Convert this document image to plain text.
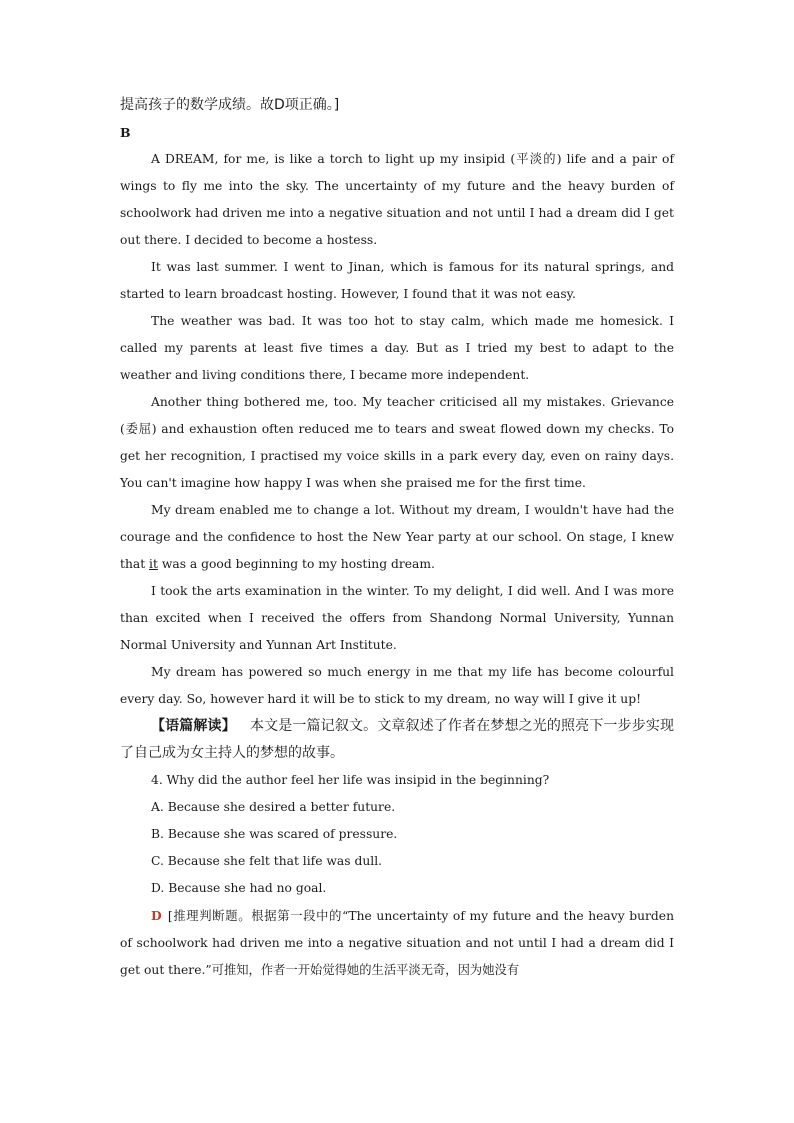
提高孩子的数学成绩。故D项正确。]

B

A DREAM, for me, is like a torch to light up my insipid (平淡的) life and a pair of wings to fly me into the sky. The uncertainty of my future and the heavy burden of schoolwork had driven me into a negative situation and not until I had a dream did I get out there. I decided to become a hostess.

It was last summer. I went to Jinan, which is famous for its natural springs, and started to learn broadcast hosting. However, I found that it was not easy.

The weather was bad. It was too hot to stay calm, which made me homesick. I called my parents at least five times a day. But as I tried my best to adapt to the weather and living conditions there, I became more independent.

Another thing bothered me, too. My teacher criticised all my mistakes. Grievance (委屈) and exhaustion often reduced me to tears and sweat flowed down my checks. To get her recognition, I practised my voice skills in a park every day, even on rainy days. You can't imagine how happy I was when she praised me for the first time.

My dream enabled me to change a lot. Without my dream, I wouldn't have had the courage and the confidence to host the New Year party at our school. On stage, I knew that it was a good beginning to my hosting dream.

I took the arts examination in the winter. To my delight, I did well. And I was more than excited when I received the offers from Shandong Normal University, Yunnan Normal University and Yunnan Art Institute.

My dream has powered so much energy in me that my life has become colourful every day. So, however hard it will be to stick to my dream, no way will I give it up!

【语篇解读】  本文是一篇记叙文。文章叙述了作者在梦想之光的照亮下一步步实现了自己成为女主持人的梦想的故事。

4. Why did the author feel her life was insipid in the beginning?

A. Because she desired a better future.

B. Because she was scared of pressure.

C. Because she felt that life was dull.

D. Because she had no goal.

D  [推理判断题。根据第一段中的“The uncertainty of my future and the heavy burden of schoolwork had driven me into a negative situation and not until I had a dream did I get out there.”可推知，作者一开始觉得她的生活平淡无奇，因为她没有
